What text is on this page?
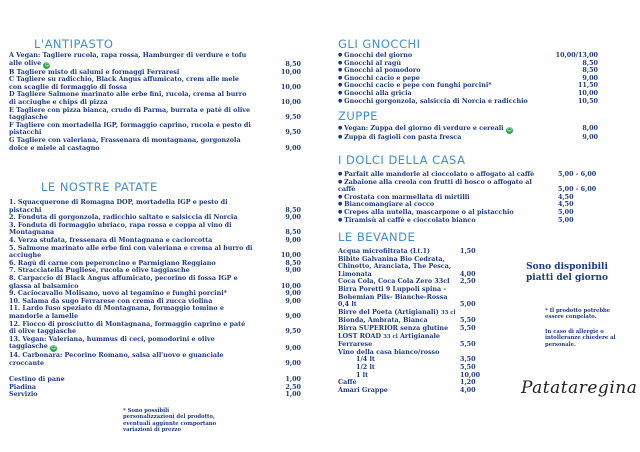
L'ANTIPASTO
A Vegan: Tagliere rucola, rapa rossa, Hamburger di verdure e tofu alle olive ☺	8,50
B Tagliere misto di salumi e formaggi Ferraresi	10,00
C Tagliere su radicchio, Black Angus affumicato, crem alle mele con scaglie di formaggio di fossa	10,00
D Tagliere Salmone marinato alle erbe fini, rucola, crema al burro di acciughe e chips di pizza	10,00
E Tagliere con pizza bianca, crudo di Parma, burrata e paté di olive taggiasche	9,50
F Tagliere con mortadella IGP, formaggio caprino, rucola e pesto di pistacchi	9,50
G Tagliere con valeriana, Frassenara di montagnana, gorgonzola dolce e miele al castagno	9,00
LE NOSTRE PATATE
1. Squacquerone di Romagna DOP, mortadella IGP e pesto di pistacchi	8,50
2. Fonduta di gorgonzola, radicchio saltato e salsiccia di Norcia	9,00
3. Fonduta di formaggio ubriaco, rapa rossa e coppa al vino di Montagnana	8,50
4. Verza stufata, fressenara di Montagnana e caciorcotta	9,00
5. Salmone marinato alle erbe fini con valeriana e crema al burro di acciughe	10,00
6. Ragù di carne con peperoncino e Parmigiano Reggiano	8,50
7. Stracciatella Pugliese, rucola e olive taggiasche	9,00
8. Carpaccio di Black Angus affumicato, pecorino di fossa IGP e glassa al balsamico	10,00
9. Caciocavallo Molisano, uovo al tegamino e funghi porcini*	9,00
10. Salama da sugo Ferrarese con crema di zucca violina	9,00
11. Lardo fuso speziato di Montagnana, formaggio tomino e mandorle a lamelle	9,00
12. Fiocco di prosciutto di Montagnana, formaggio caprino e paté di olive taggiasche	9,50
13. Vegan: Valeriana, hummus di ceci, pomodorini e olive taggiasche ☺	9,00
14. Carbonara: Pecorino Romano, salsa all'uovo e guanciale croccante	9,00
Cestino di pane	1,00
Piadina	2,50
Servizio	1,00
* Sono possibili personalizzazioni del prodotto, eventuali aggiunte comportano variazioni di prezzo
GLI GNOCCHI
● Gnocchi del giorno	10,00/13,00
● Gnocchi al ragù	8,50
● Gnocchi al pomodoro	8,50
● Gnocchi cacio e pepe	9,00
● Gnocchi cacio e pepe con funghi porcini*	11,50
● Gnocchi alla gricia	10,00
● Gnocchi gorgonzola, salsiccia di Norcia e radicchio	10,50
ZUPPE
● Vegan: Zuppa del giorno di verdure e cereali ☺	8,00
● Zuppa di fagioli con pasta fresca	9,00
I DOLCI DELLA CASA
● Parfait alle mandorle al cioccolato o affogato al caffè	5,00 - 6,00
● Zabaione alla creola con frutti di bosco o affogato al caffè	5,00 - 6,00
● Crostata con marmellata di mirtilli	4,50
● Biancomangiare al cocco	4,50
● Crepes alla nutella, mascarpone o al pistacchio	5,00
● Tiramisù al caffè e cioccolato bianco	5,00
LE BEVANDE
Acqua microfiltrata (Lt.1)	1,50
Bibite Galvanina Bio Cedrata, Chinotto, Aranciata, The Pesca, Limonata	4,00
Coca Cola, Coca Cola Zero 33cl 2,50
Birra Poretti 9 Luppoli spina - Bohemian Pils- Bianche-Rossa 0,4 lt	5,00
Birre del Poeta (Artigianali) 33 cl Bionda, Ambrata, Bianca	5,50
Birra SUPERIOR senza glutine 5,50
LOST ROAD 33 cl Artigianale Ferrarese	5,50
Vino della casa bianco/rosso
1/4 lt	3,50
1/2 lt	5,50
1 lt	10,00
Caffè	1,20
Amari Grappe	4,00
Sono disponibili piatti del giorno
* Il prodotto potrebbe essere congelato.
In caso di allergie o intolleranze chiedere al personale.
Patataregina
